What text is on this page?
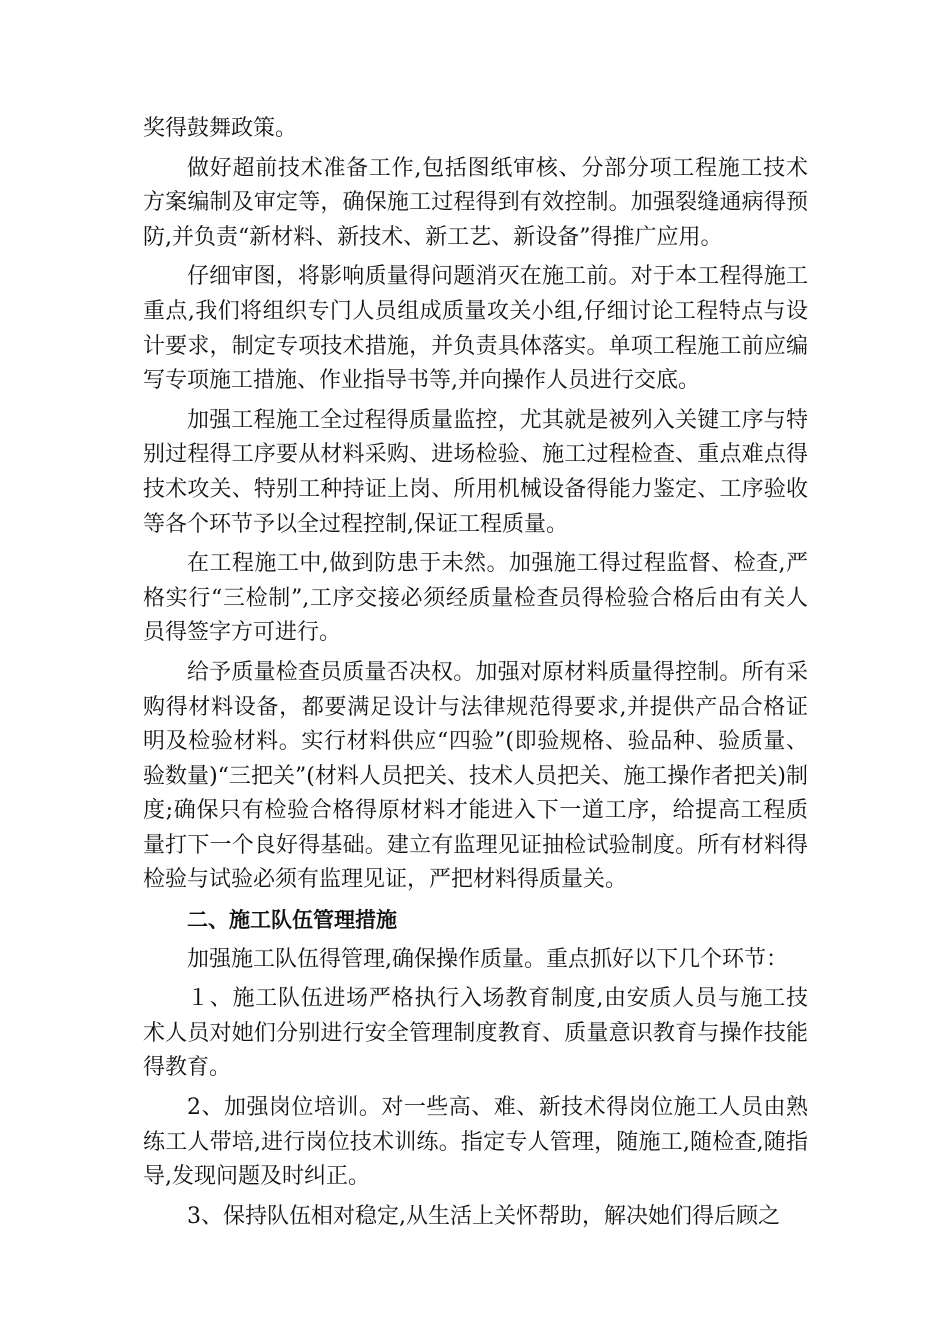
奖得鼓舞政策。

做好超前技术准备工作,包括图纸审核、分部分项工程施工技术方案编制及审定等，确保施工过程得到有效控制。加强裂缝通病得预防,并负责“新材料、新技术、新工艺、新设备”得推广应用。

仔细审图，将影响质量得问题消灭在施工前。对于本工程得施工重点,我们将组织专门人员组成质量攻关小组,仔细讨论工程特点与设计要求，制定专项技术措施，并负责具体落实。单项工程施工前应编写专项施工措施、作业指导书等,并向操作人员进行交底。

加强工程施工全过程得质量监控，尤其就是被列入关键工序与特别过程得工序要从材料采购、进场检验、施工过程检查、重点难点得技术攻关、特别工种持证上岗、所用机械设备得能力鉴定、工序验收等各个环节予以全过程控制,保证工程质量。

在工程施工中,做到防患于未然。加强施工得过程监督、检查,严格实行“三检制”,工序交接必须经质量检查员得检验合格后由有关人员得签字方可进行。

给予质量检查员质量否决权。加强对原材料质量得控制。所有采购得材料设备，都要满足设计与法律规范得要求,并提供产品合格证明及检验材料。实行材料供应“四验”(即验规格、验品种、验质量、验数量)“三把关”(材料人员把关、技术人员把关、施工操作者把关)制度;确保只有检验合格得原材料才能进入下一道工序，给提高工程质量打下一个良好得基础。建立有监理见证抽检试验制度。所有材料得检验与试验必须有监理见证，严把材料得质量关。

二、施工队伍管理措施

加强施工队伍得管理,确保操作质量。重点抓好以下几个环节：

１、施工队伍进场严格执行入场教育制度,由安质人员与施工技术人员对她们分别进行安全管理制度教育、质量意识教育与操作技能得教育。

2、加强岗位培训。对一些高、难、新技术得岗位施工人员由熟练工人带培,进行岗位技术训练。指定专人管理，随施工,随检查,随指导,发现问题及时纠正。

3、保持队伍相对稳定,从生活上关怀帮助，解决她们得后顾之
